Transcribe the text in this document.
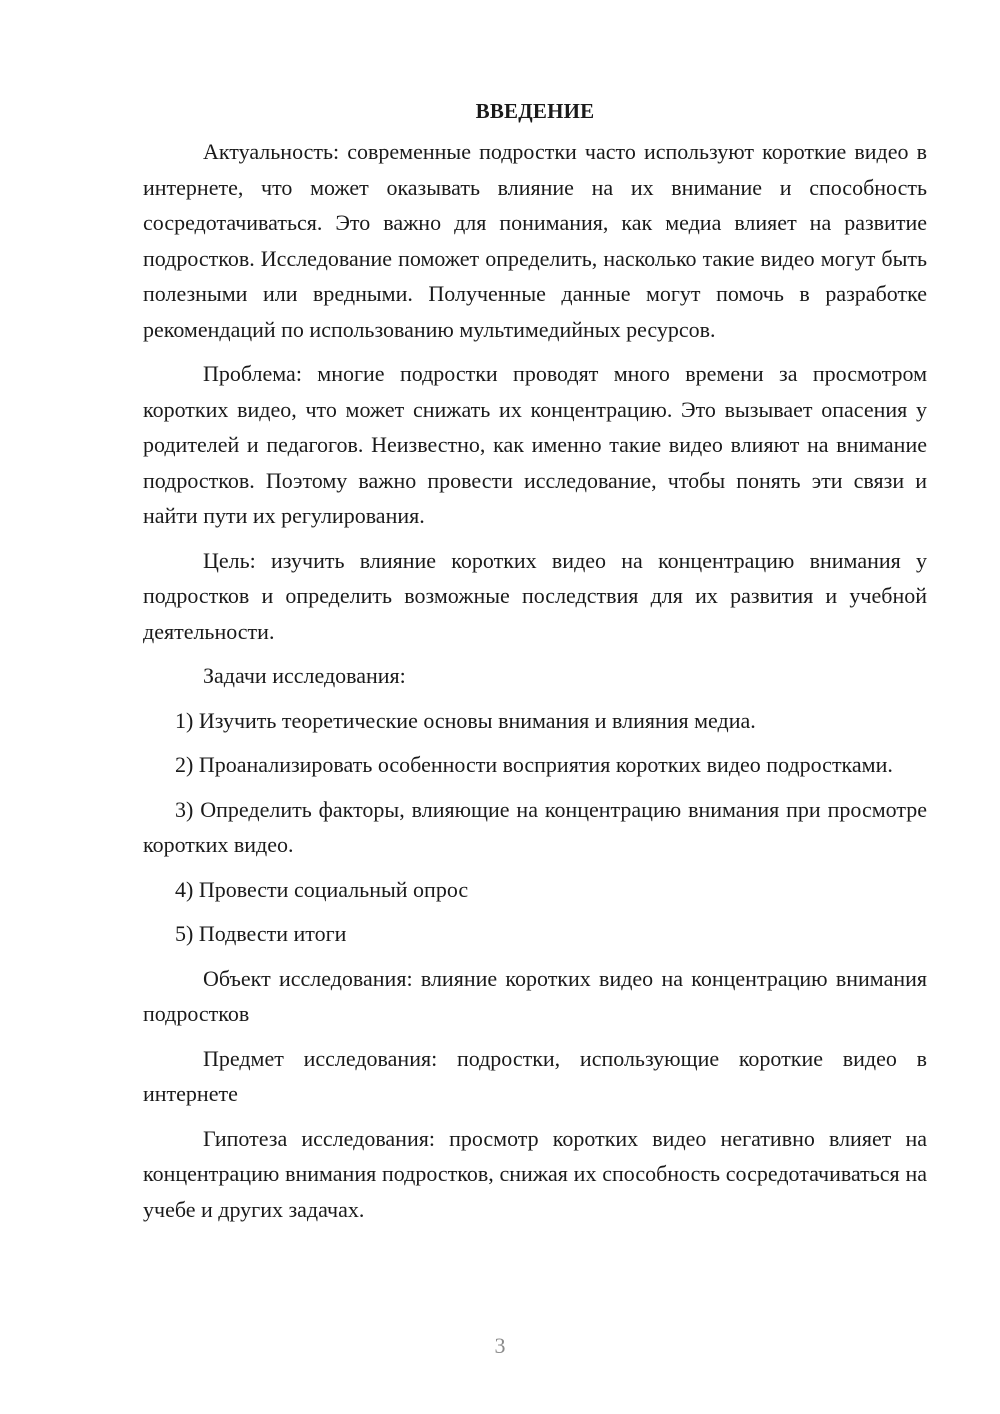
ВВЕДЕНИЕ

Актуальность: современные подростки часто используют короткие видео в интернете, что может оказывать влияние на их внимание и способность сосредотачиваться. Это важно для понимания, как медиа влияет на развитие подростков. Исследование поможет определить, насколько такие видео могут быть полезными или вредными. Полученные данные могут помочь в разработке рекомендаций по использованию мультимедийных ресурсов.

Проблема: многие подростки проводят много времени за просмотром коротких видео, что может снижать их концентрацию. Это вызывает опасения у родителей и педагогов. Неизвестно, как именно такие видео влияют на внимание подростков. Поэтому важно провести исследование, чтобы понять эти связи и найти пути их регулирования.

Цель: изучить влияние коротких видео на концентрацию внимания у подростков и определить возможные последствия для их развития и учебной деятельности.

Задачи исследования:

1) Изучить теоретические основы внимания и влияния медиа.

2) Проанализировать особенности восприятия коротких видео подростками.

3) Определить факторы, влияющие на концентрацию внимания при просмотре коротких видео.

4) Провести социальный опрос

5) Подвести итоги

Объект исследования: влияние коротких видео на концентрацию внимания подростков

Предмет исследования: подростки, использующие короткие видео в интернете

Гипотеза исследования: просмотр коротких видео негативно влияет на концентрацию внимания подростков, снижая их способность сосредотачиваться на учебе и других задачах.

3
